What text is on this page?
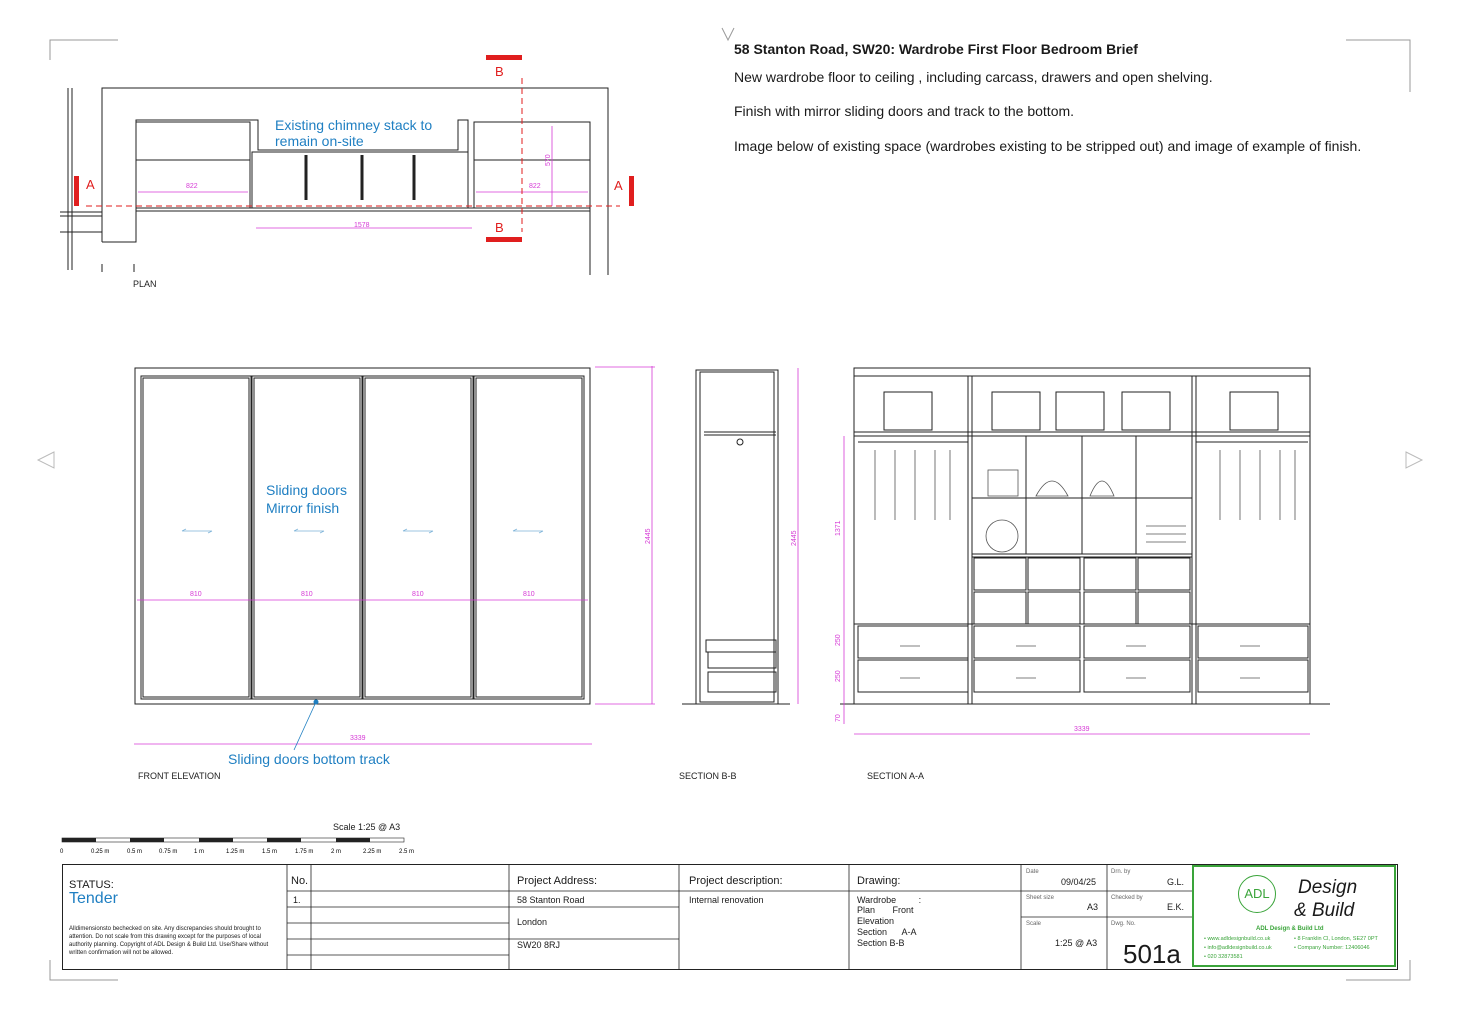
58 Stanton Road, SW20: Wardrobe First Floor Bedroom Brief
New wardrobe floor to ceiling , including carcass, drawers and open shelving.
Finish with mirror sliding doors and track to the bottom.
Image below of existing space (wardrobes existing to be stripped out) and image of example of finish.
822	822
1578
570
B
B
A	A
Existing chimney stack to
remain on-site
PLAN
810	810	810	810
3339
2445
Sliding doors
Mirror finish
Sliding doors bottom track
FRONT ELEVATION
2445
SECTION B-B
1371
250
250
70
3339
SECTION A-A
Scale 1:25 @ A3
0	0.25 m	0.5 m	0.75 m	1 m	1.25 m	1.5 m	1.75 m	2 m	2.25 m	2.5 m
STATUS:
Tender
Alldimensionsto bechecked on site. Any discrepancies should brought to attention. Do not scale from this drawing except for the purposes of local authority planning. Copyright of ADL Design & Build Ltd. Use/Share without written confirmation will not be allowed.
No.
1.
Project Address:
58 Stanton Road
London
SW20 8RJ
Project description:
Internal renovation
Drawing:
Wardrobe         :
Plan       Front
Elevation
Section      A-A
Section B-B
Date
09/04/25
Drn. by
G.L.
Sheet size
A3
Checked by
E.K.
Scale
1:25 @ A3
Dwg. No.
501a
ADL	Design
& Build
ADL Design & Build Ltd
• www.adldesignbuild.co.uk
• info@adldesignbuild.co.uk
• 020 32873581
• 8 Franklin Cl, London, SE27 0PT
• Company Number: 12406046
